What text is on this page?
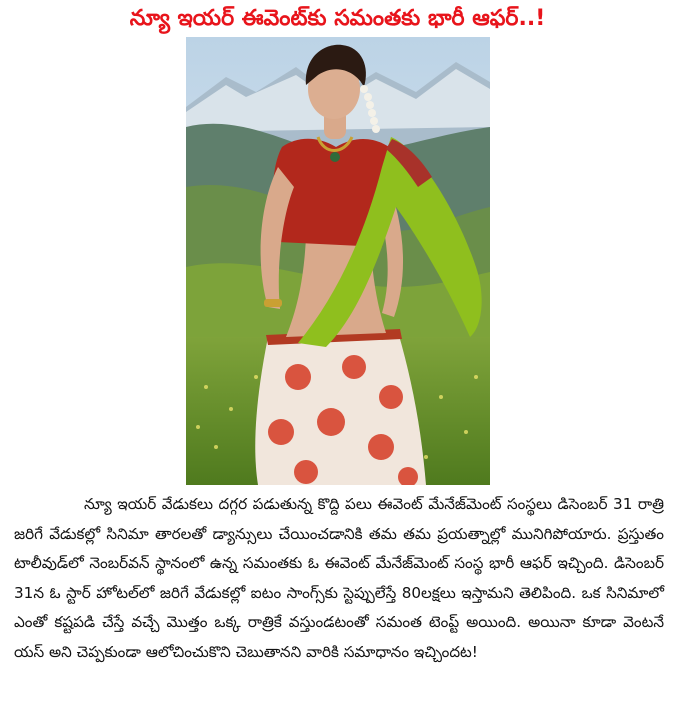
న్యూ ఇయర్ ఈవెంట్‌కు సమంతకు భారీ ఆఫర్..!

న్యూ ఇయర్ వేడుకలు దగ్గర పడుతున్న కొద్ది పలు ఈవెంట్ మేనేజ్‌మెంట్ సంస్థలు డిసెంబర్ 31 రాత్రి జరిగే వేడుకల్లో సినిమా తారలతో డ్యాన్సులు చేయించడానికి తమ తమ ప్రయత్నాల్లో మునిగిపోయారు. ప్రస్తుతం టాలీవుడ్‌లో నెంబర్‌వన్ స్థానంలో ఉన్న సమంతకు ఓ ఈవెంట్ మేనేజ్‌మెంట్ సంస్థ భారీ ఆఫర్ ఇచ్చింది. డిసెంబర్ 31న ఓ స్టార్ హోటల్‌లో జరిగే వేడుకల్లో ఐటం సాంగ్స్‌కు స్టెప్పులేస్తే 80లక్షలు ఇస్తామని తెలిపింది. ఒక సినిమాలో ఎంతో కష్టపడి చేస్తే వచ్చే మొత్తం ఒక్క రాత్రికే వస్తుండటంతో సమంత టెంప్ట్ అయింది. అయినా కూడా వెంటనే యస్ అని చెప్పకుండా ఆలోచించుకొని చెబుతానని వారికి సమాధానం ఇచ్చిందట!
